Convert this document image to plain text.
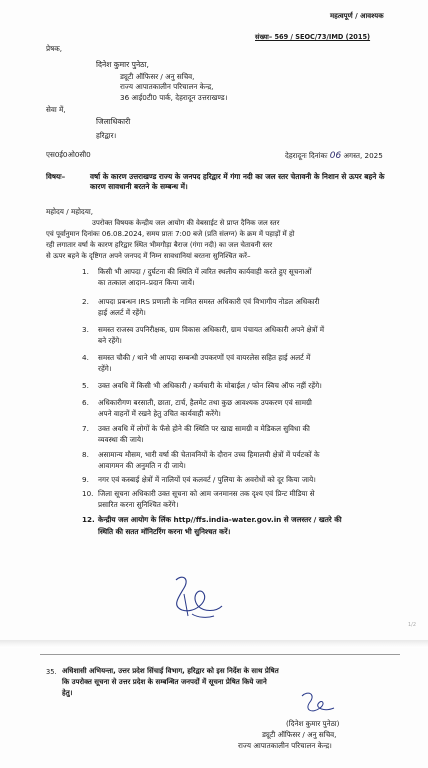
महत्वपूर्ण / आवश्यक
संख्या– 569 / SEOC/73/IMD (2015)
प्रेषक,
दिनेश कुमार पुनेठा,
ड्यूटी ऑफिसर / अनु सचिव,
राज्य आपातकालीन परिचालन केन्द्र,
36 आई0टी0 पार्क, देहरादून उत्तराखण्ड।
सेवा में,
जिलाधिकारी
हरिद्वार।
एस0ई0ओ0सी0	देहरादूनः दिनांकः 06 अगस्त, 2025
विषयः–	वर्षा के कारण उत्तराखण्ड राज्य के जनपद हरिद्वार में गंगा नदी का जल स्तर चेतावनी के निशान से ऊपर बहने के कारण सावधानी बरतने के सम्बन्ध में।
महोदय / महोदया,
उपरोक्त विषयक केन्द्रीय जल आयोग की वेबसाईट से प्राप्त दैनिक जल स्तर
एवं पूर्वानुमान दिनांकः 06.08.2024, समय प्रातः 7:00 बजे (प्रति संलग्न) के क्रम में पहाड़ों में हो
रही लगातार वर्षा के कारण हरिद्वार स्थित भीमगौड़ा बैराज (गंगा नदी) का जल चेतावनी स्तर
से ऊपर बहने के दृष्टिगत अपने जनपद में निम्न सावधानियां बरतना सुनिश्चित करें–
1. किसी भी आपदा / दुर्घटना की स्थिति में त्वरित स्थलीय कार्यवाही करते हुए सूचनाओं
का तत्काल आदान–प्रदान किया जायें।
2. आपदा प्रबन्धन IRS प्रणाली के नामित समस्त अधिकारी एवं विभागीय नोडल अधिकारी
हाई अलर्ट में रहेंगे।
3. समस्त राजस्व उपनिरीक्षक, ग्राम विकास अधिकारी, ग्राम पंचायत अधिकारी अपने क्षेत्रों में
बने रहेंगे।
4. समस्त चौकी / थाने भी आपदा सम्बन्धी उपकरणों एवं वायरलेस सहित हाई अलर्ट में
रहेंगे।
5. उक्त अवधि में किसी भी अधिकारी / कर्मचारी के मोबाईल / फोन स्विच ऑफ नहीं रहेंगे।
6. अधिकारीगण बरसाती, छाता, टार्च, हैलमेट तथा कुछ आवश्यक उपकरण एवं सामग्री
अपने वाहनों में रखने हेतु उचित कार्यवाही करेंगे।
7. उक्त अवधि में लोगों के फँसे होने की स्थिति पर खाद्य सामग्री व मेडिकल सुविधा की
व्यवस्था की जाये।
8. असामान्य मौसम, भारी वर्षा की चेतावनियों के दौरान उच्च हिमालयी क्षेत्रों में पर्यटकों के
आवागमन की अनुमति न दी जाये।
9. नगर एवं कस्बाई क्षेत्रों में नालियों एवं कलवर्ट / पुलिया के अवरोधों को दूर किया जाये।
10. जिला सूचना अधिकारी उक्त सूचना को आम जनमानस तक दृश्य एवं प्रिन्ट मीडिया से
प्रसारित करना सुनिश्चित करेंगे।
12. केन्द्रीय जल आयोग के लिंक http//ffs.india-water.gov.in से जलस्तर / खतरे की
स्थिति की सतत मॉनिटरिंग करना भी सुनिश्चत करें।
1/2
35. अधिशासी अभियन्ता, उत्तर प्रदेश सिंचाई विभाग, हरिद्वार को इस निर्देश के साथ प्रेषित
कि उपरोक्त सूचना से उत्तर प्रदेश के सम्बन्धित जनपदों में सूचना प्रेषित किये जाने
हेतु।
(दिनेश कुमार पुनेठा)
ड्यूटी ऑफिसर / अनु सचिव,
राज्य आपातकालीन परिचालन केन्द्र।
